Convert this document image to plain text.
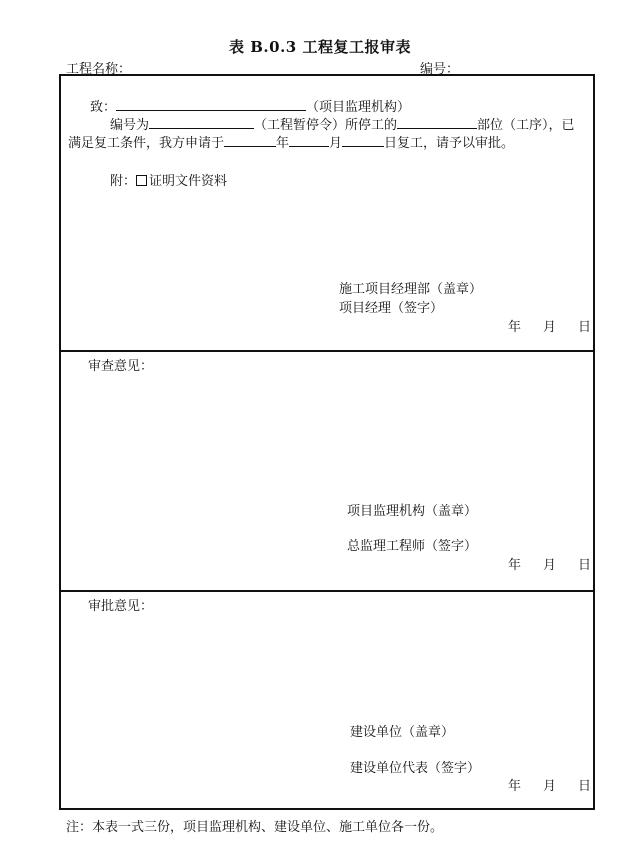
表 B.0.3 工程复工报审表
工程名称：	编号：
致：	（项目监理机构）
编号为	（工程暂停令）所停工的	部位（工序），已
满足复工条件，我方申请于	年	月	日复工，请予以审批。
附： 证明文件资料
施工项目经理部（盖章）
项目经理（签字）
年 月 日
审查意见：
项目监理机构（盖章）
总监理工程师（签字）
年 月 日
审批意见：
建设单位（盖章）
建设单位代表（签字）
年 月 日
注：本表一式三份，项目监理机构、建设单位、施工单位各一份。
